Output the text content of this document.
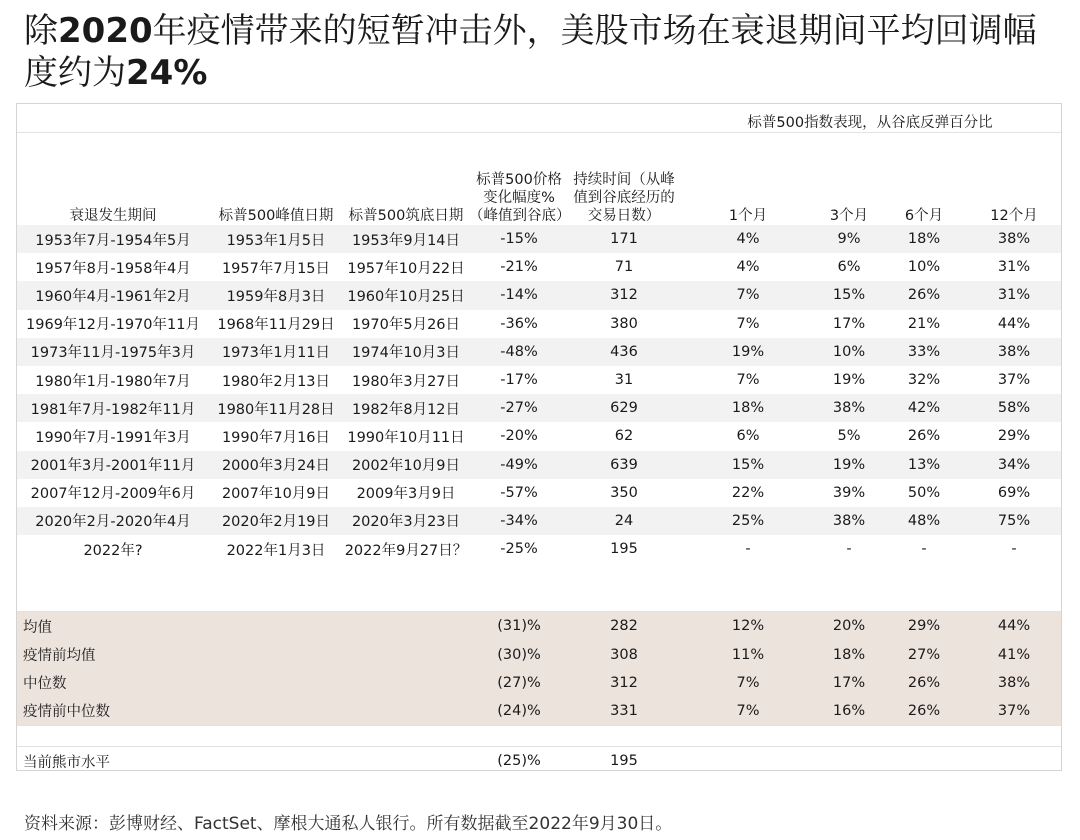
除2020年疫情带来的短暂冲击外，美股市场在衰退期间平均回调幅度约为24%
					标普500指数表现，从谷底反弹百分比			
衰退发生期间	标普500峰值日期	标普500筑底日期	标普500价格变化幅度%（峰值到谷底）	持续时间（从峰值到谷底经历的交易日数）	1个月	3个月	6个月	12个月
1953年7月-1954年5月	1953年1月5日	1953年9月14日	-15%	171	4%	9%	18%	38%
1957年8月-1958年4月	1957年7月15日	1957年10月22日	-21%	71	4%	6%	10%	31%
1960年4月-1961年2月	1959年8月3日	1960年10月25日	-14%	312	7%	15%	26%	31%
1969年12月-1970年11月	1968年11月29日	1970年5月26日	-36%	380	7%	17%	21%	44%
1973年11月-1975年3月	1973年1月11日	1974年10月3日	-48%	436	19%	10%	33%	38%
1980年1月-1980年7月	1980年2月13日	1980年3月27日	-17%	31	7%	19%	32%	37%
1981年7月-1982年11月	1980年11月28日	1982年8月12日	-27%	629	18%	38%	42%	58%
1990年7月-1991年3月	1990年7月16日	1990年10月11日	-20%	62	6%	5%	26%	29%
2001年3月-2001年11月	2000年3月24日	2002年10月9日	-49%	639	15%	19%	13%	34%
2007年12月-2009年6月	2007年10月9日	2009年3月9日	-57%	350	22%	39%	50%	69%
2020年2月-2020年4月	2020年2月19日	2020年3月23日	-34%	24	25%	38%	48%	75%
2022年?	2022年1月3日	2022年9月27日？	-25%	195	-	-	-	-

均值			(31)%	282	12%	20%	29%	44%
疫情前均值			(30)%	308	11%	18%	27%	41%
中位数			(27)%	312	7%	17%	26%	38%
疫情前中位数			(24)%	331	7%	16%	26%	37%

当前熊市水平			(25)%	195				
资料来源：彭博财经、FactSet、摩根大通私人银行。所有数据截至2022年9月30日。
